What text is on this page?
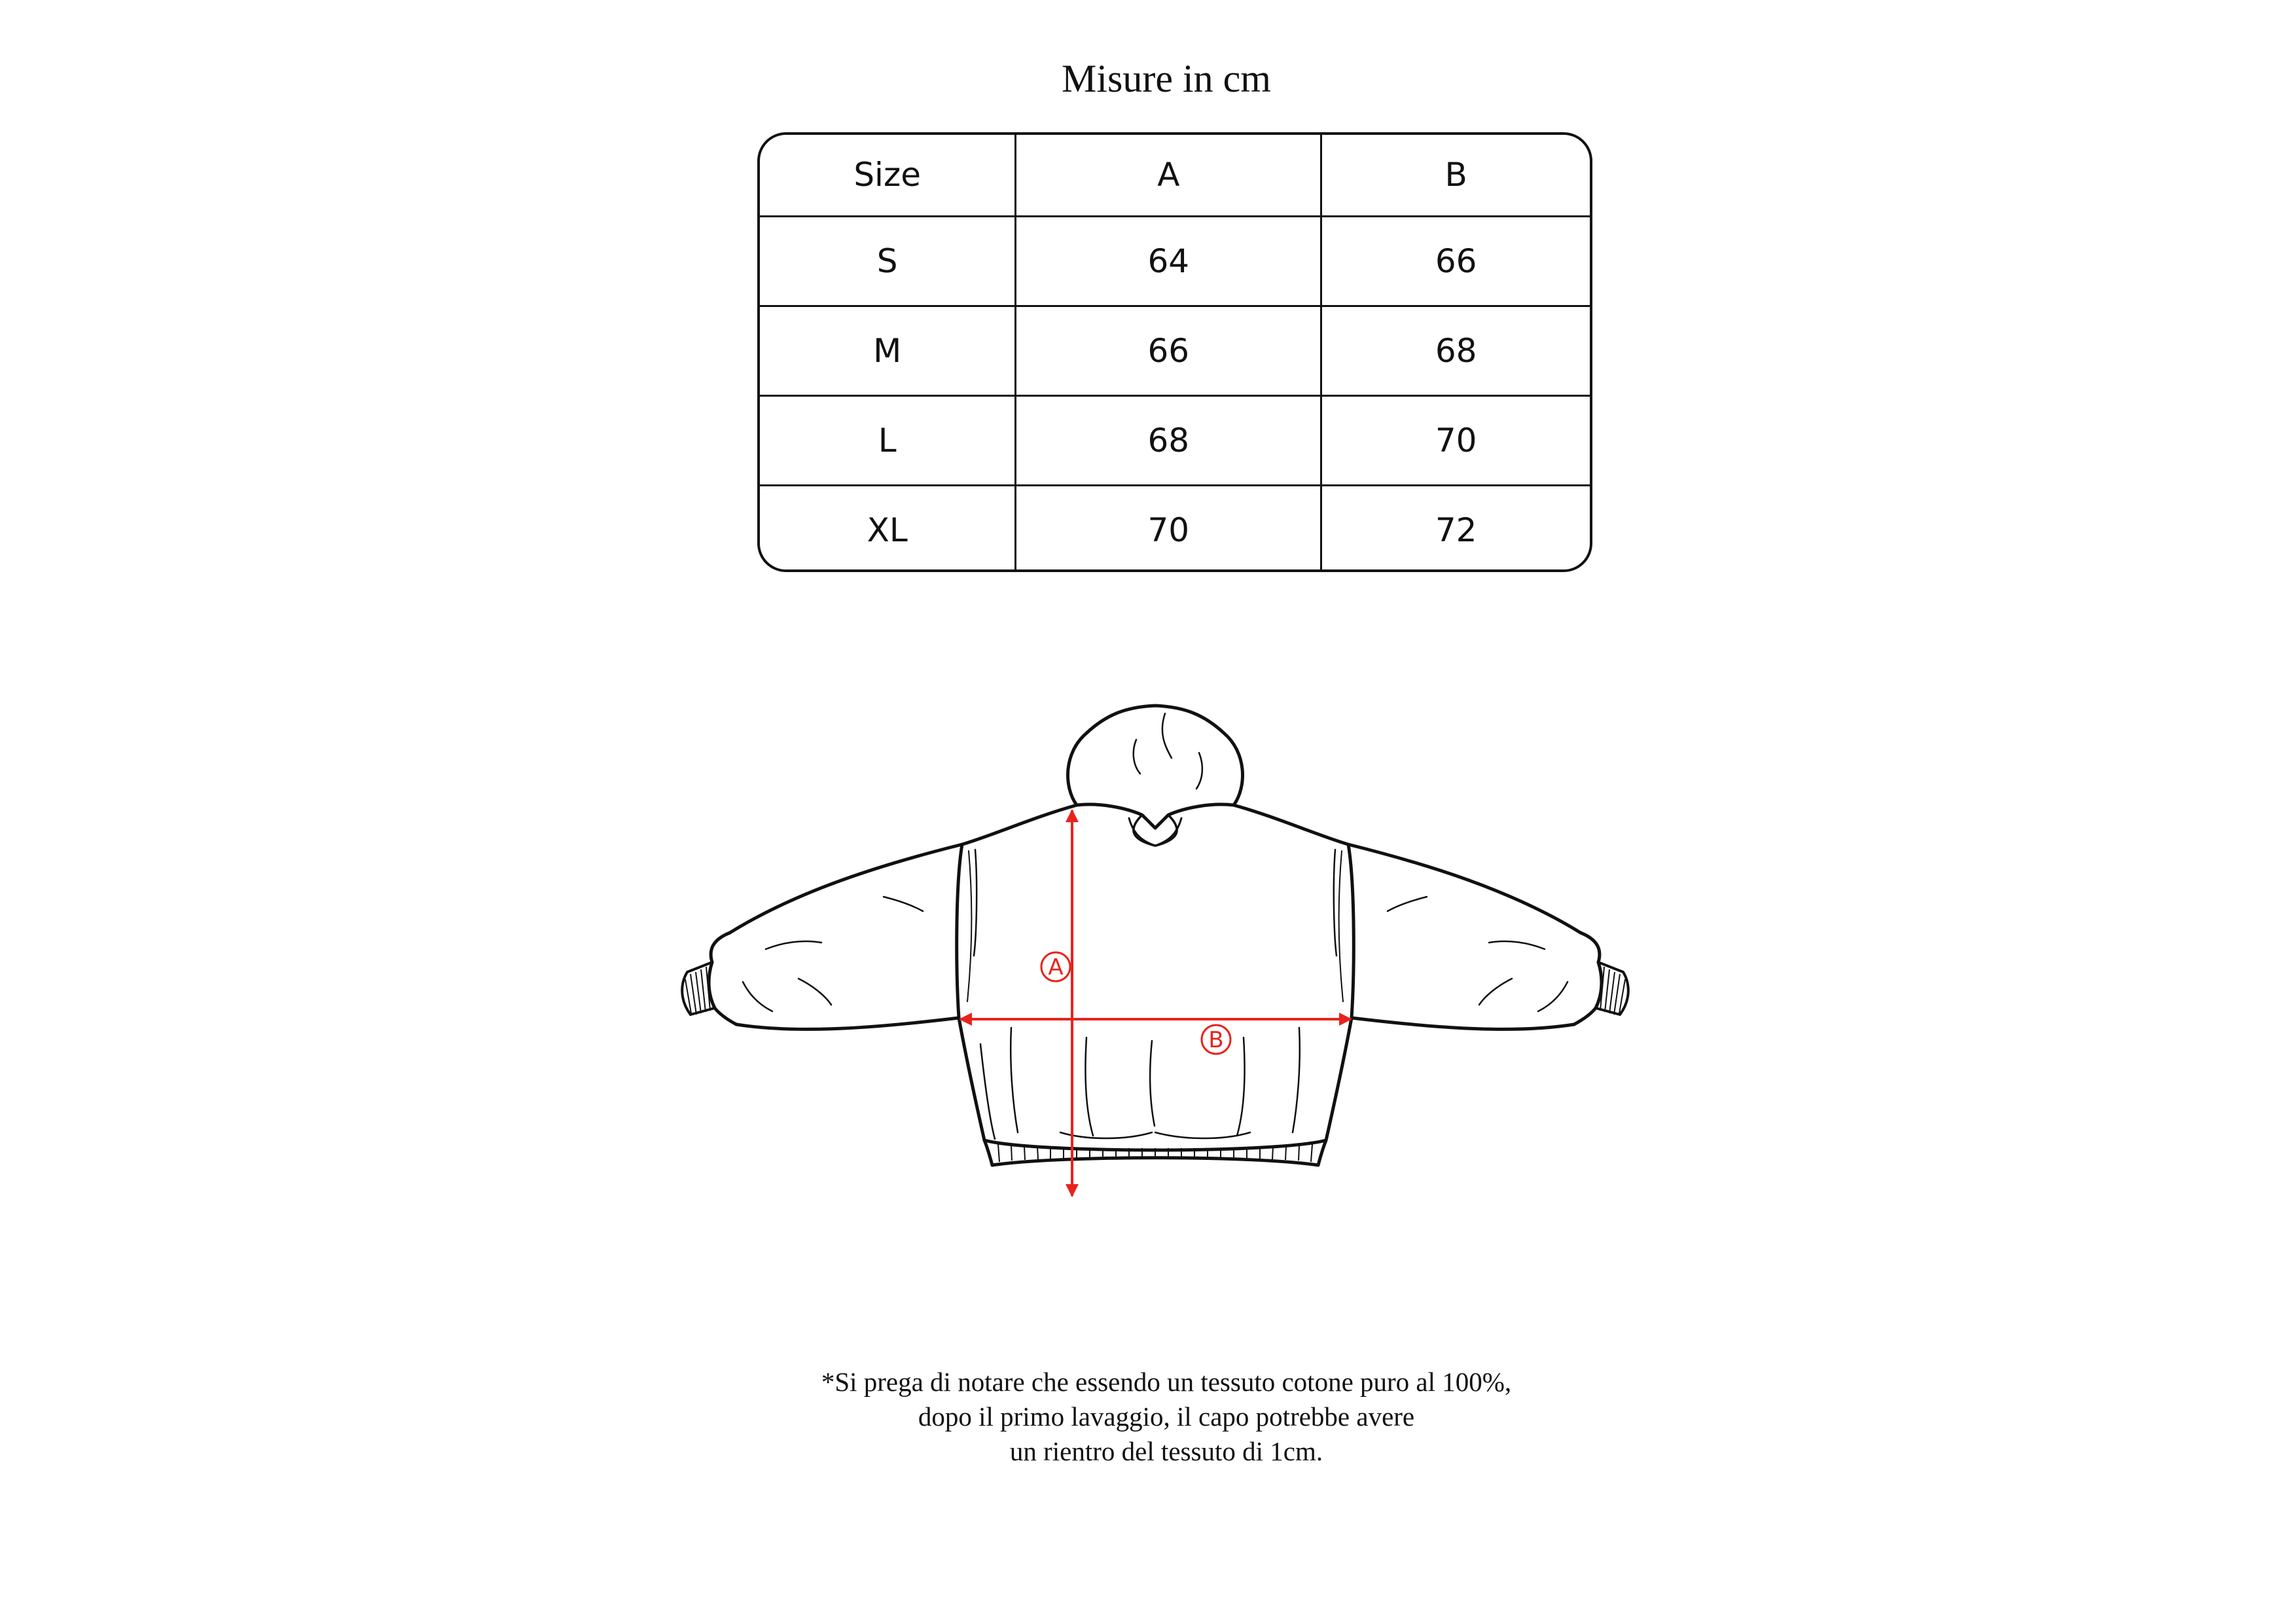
Misure in cm
Size	A	B
S	64	66
M	66	68
L	68	70
XL	70	72
A
B
*Si prega di notare che essendo un tessuto cotone puro al 100%,
dopo il primo lavaggio, il capo potrebbe avere
un rientro del tessuto di 1cm.
